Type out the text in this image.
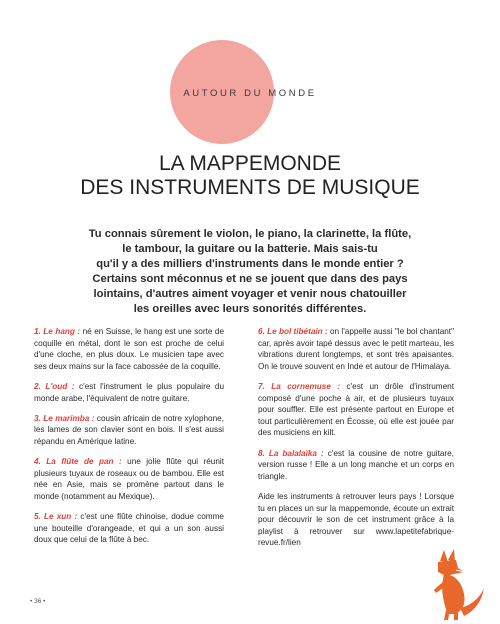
AUTOUR DU MONDE
LA MAPPEMONDE
DES INSTRUMENTS DE MUSIQUE
Tu connais sûrement le violon, le piano, la clarinette, la flûte,
le tambour, la guitare ou la batterie. Mais sais-tu
qu'il y a des milliers d'instruments dans le monde entier ?
Certains sont méconnus et ne se jouent que dans des pays
lointains, d'autres aiment voyager et venir nous chatouiller
les oreilles avec leurs sonorités différentes.

1. Le hang : né en Suisse, le hang est une sorte de coquille en métal, dont le son est proche de celui d'une cloche, en plus doux. Le musicien tape avec ses deux mains sur la face cabossée de la coquille.

2. L'oud : c'est l'instrument le plus populaire du monde arabe, l'équivalent de notre guitare.

3. Le marimba : cousin africain de notre xylophone, les lames de son clavier sont en bois. Il s'est aussi répandu en Amérique latine.

4. La flûte de pan : une jolie flûte qui réunit plusieurs tuyaux de roseaux ou de bambou. Elle est née en Asie, mais se promène partout dans le monde (notamment au Mexique).

5. Le xun : c'est une flûte chinoise, dodue comme une bouteille d'orangeade, et qui a un son aussi doux que celui de la flûte à bec.

6. Le bol tibétain : on l'appelle aussi "le bol chantant" car, après avoir tapé dessus avec le petit marteau, les vibrations durent longtemps, et sont très apaisantes. On le trouve souvent en Inde et autour de l'Himalaya.

7. La cornemuse : c'est un drôle d'instrument composé d'une poche à air, et de plusieurs tuyaux pour souffler. Elle est présente partout en Europe et tout particulièrement en Écosse, où elle est jouée par des musiciens en kilt.

8. La balalaïka : c'est la cousine de notre guitare, version russe ! Elle a un long manche et un corps en triangle.

Aide les instruments à retrouver leurs pays ! Lorsque tu en places un sur la mappemonde, écoute un extrait pour découvrir le son de cet instrument grâce à la playlist à retrouver sur www.lapetitefabrique-revue.fr/lien

• 36 •
